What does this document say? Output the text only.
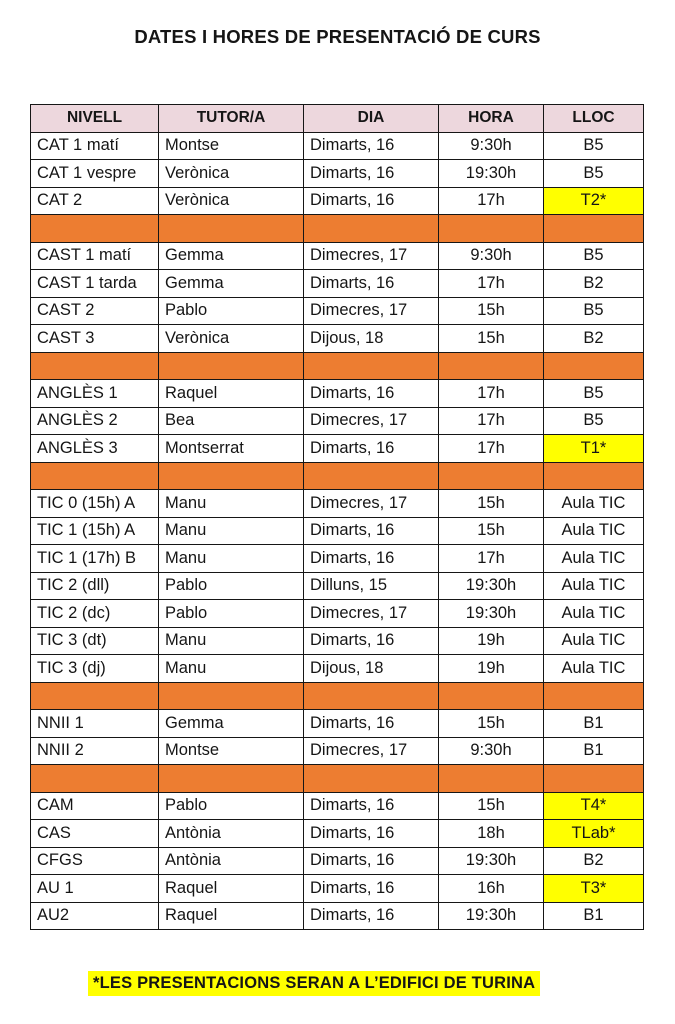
DATES I HORES DE PRESENTACIÓ DE CURS
NIVELL	TUTOR/A	DIA	HORA	LLOC
CAT 1 matí	Montse	Dimarts, 16	9:30h	B5
CAT 1 vespre	Verònica	Dimarts, 16	19:30h	B5
CAT 2	Verònica	Dimarts, 16	17h	T2*

CAST 1 matí	Gemma	Dimecres, 17	9:30h	B5
CAST 1 tarda	Gemma	Dimarts, 16	17h	B2
CAST 2	Pablo	Dimecres, 17	15h	B5
CAST 3	Verònica	Dijous, 18	15h	B2

ANGLÈS 1	Raquel	Dimarts, 16	17h	B5
ANGLÈS 2	Bea	Dimecres, 17	17h	B5
ANGLÈS 3	Montserrat	Dimarts, 16	17h	T1*

TIC 0 (15h) A	Manu	Dimecres, 17	15h	Aula TIC
TIC 1 (15h) A	Manu	Dimarts, 16	15h	Aula TIC
TIC 1 (17h) B	Manu	Dimarts, 16	17h	Aula TIC
TIC 2 (dll)	Pablo	Dilluns, 15	19:30h	Aula TIC
TIC 2 (dc)	Pablo	Dimecres, 17	19:30h	Aula TIC
TIC 3 (dt)	Manu	Dimarts, 16	19h	Aula TIC
TIC 3 (dj)	Manu	Dijous, 18	19h	Aula TIC

NNII 1	Gemma	Dimarts, 16	15h	B1
NNII 2	Montse	Dimecres, 17	9:30h	B1

CAM	Pablo	Dimarts, 16	15h	T4*
CAS	Antònia	Dimarts, 16	18h	TLab*
CFGS	Antònia	Dimarts, 16	19:30h	B2
AU 1	Raquel	Dimarts, 16	16h	T3*
AU2	Raquel	Dimarts, 16	19:30h	B1
*LES PRESENTACIONS SERAN A L’EDIFICI DE TURINA
